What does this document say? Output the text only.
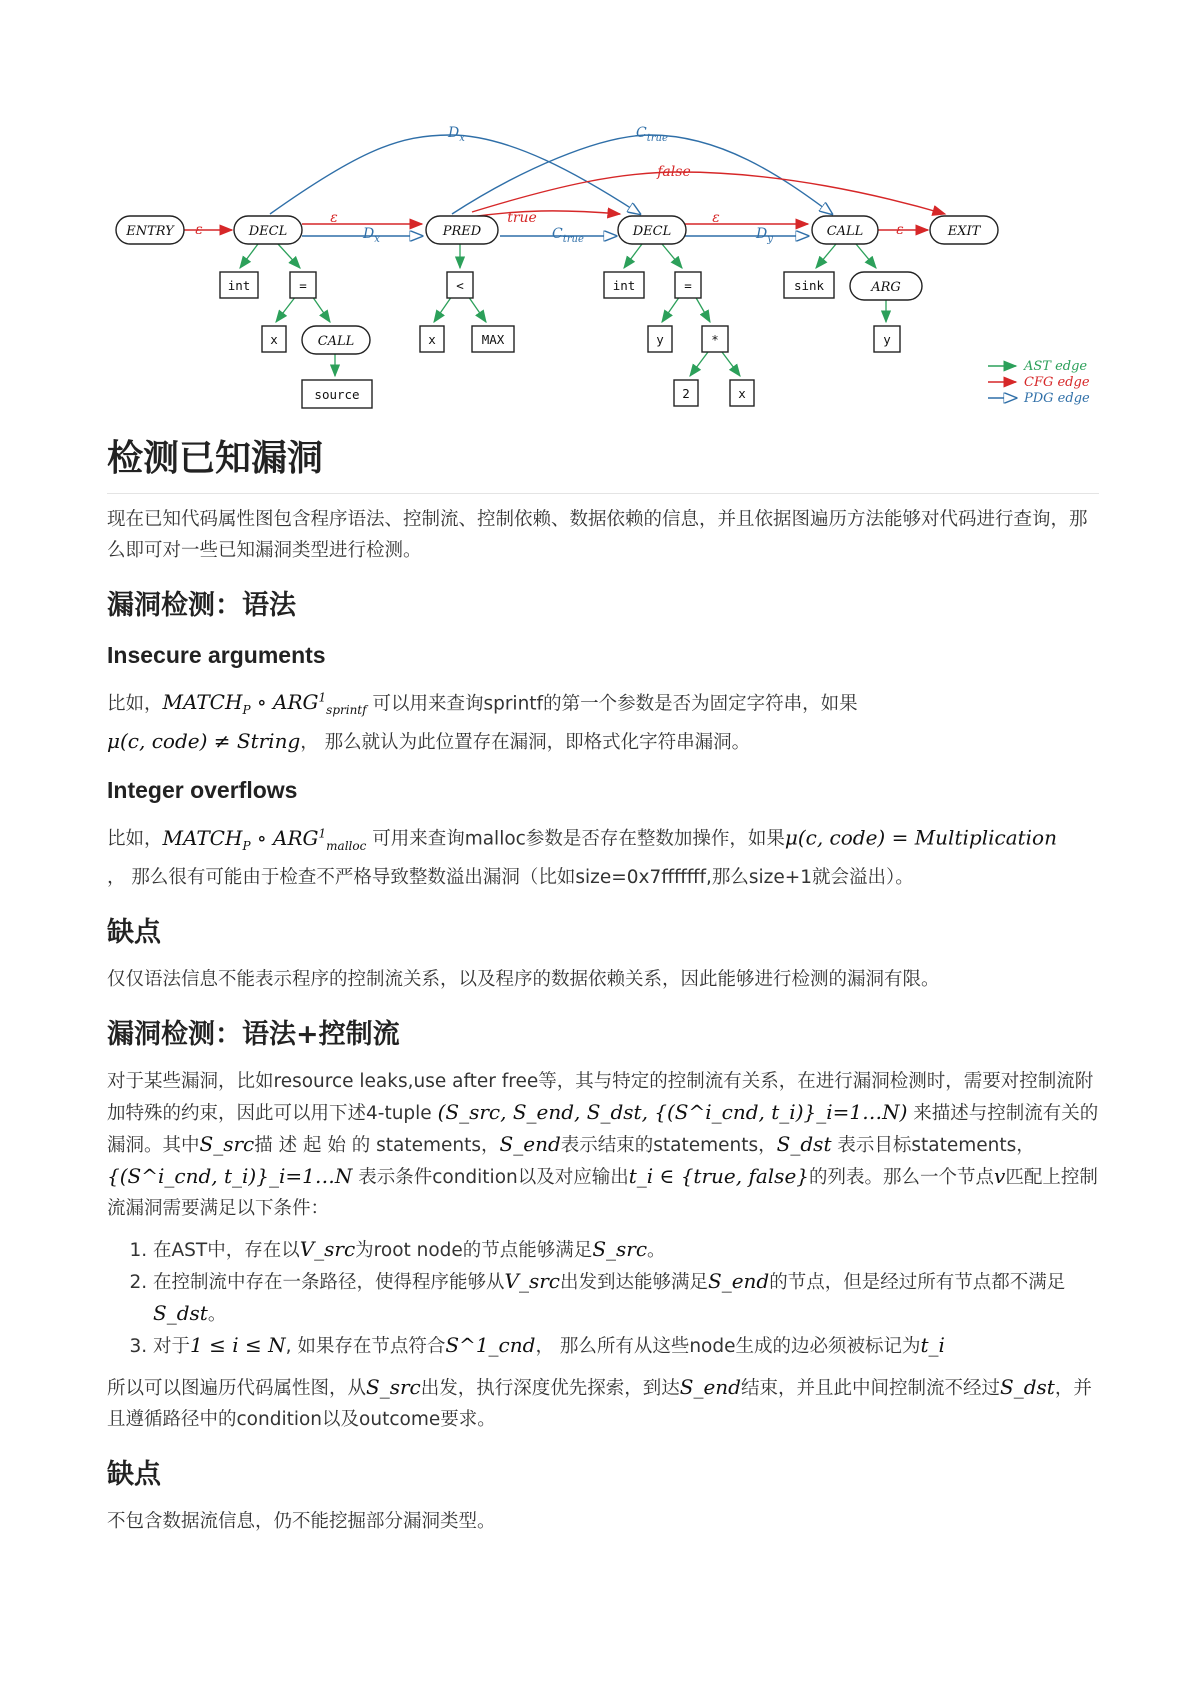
ENTRY	DECL	PRED	DECL	CALL	EXIT
CALL
ARG
int	=
x
source
<
x	MAX
int	=
y	*
2	x
sink
y
ε
ε	ε
ε
true
false
$D_x$	$C_{true}$
$D_x$	$C_{true}$	$D_y$
AST edge
CFG edge
PDG edge
检测已知漏洞

现在已知代码属性图包含程序语法、控制流、控制依赖、数据依赖的信息，并且依据图遍历方法能够对代码进行查询，那么即可对一些已知漏洞类型进行检测。

漏洞检测：语法
Insecure arguments

比如，$MATCH_P$ ∘ $ARG^1_{sprintf}$ 可以用来查询sprintf的第一个参数是否为固定字符串，如果
μ(c, code) ≠ String， 那么就认为此位置存在漏洞，即格式化字符串漏洞。

Integer overflows

比如，$MATCH_P$ ∘ $ARG^1_{malloc}$ 可用来查询malloc参数是否存在整数加操作，如果μ(c, code) = Multiplication
， 那么很有可能由于检查不严格导致整数溢出漏洞（比如size=0x7fffffff,那么size+1就会溢出）。

缺点

仅仅语法信息不能表示程序的控制流关系，以及程序的数据依赖关系，因此能够进行检测的漏洞有限。

漏洞检测：语法+控制流

对于某些漏洞，比如resource leaks,use after free等，其与特定的控制流有关系，在进行漏洞检测时，需要对控制流附加特殊的约束，因此可以用下述4-tuple (S_src, S_end, S_dst, {(S^i_cnd, t_i)}_i=1…N) 来描述与控制流有关的漏洞。其中S_src描 述 起 始 的 statements，S_end表示结束的statements，S_dst 表示目标statements，{(S^i_cnd, t_i)}_i=1…N 表示条件condition以及对应输出t_i ∈ {true, false}的列表。那么一个节点v匹配上控制流漏洞需要满足以下条件：

1. 在AST中，存在以V_src为root node的节点能够满足S_src。
2. 在控制流中存在一条路径，使得程序能够从V_src出发到达能够满足S_end的节点，但是经过所有节点都不满足S_dst。
3. 对于1 ≤ i ≤ N, 如果存在节点符合S^1_cnd， 那么所有从这些node生成的边必须被标记为t_i

所以可以图遍历代码属性图，从S_src出发，执行深度优先探索，到达S_end结束，并且此中间控制流不经过S_dst，并且遵循路径中的condition以及outcome要求。

缺点

不包含数据流信息，仍不能挖掘部分漏洞类型。
